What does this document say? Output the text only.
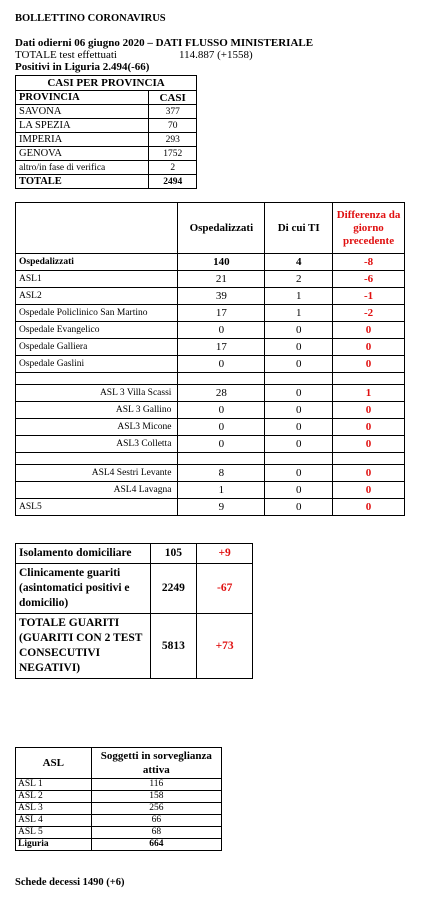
BOLLETTINO CORONAVIRUS
Dati odierni 06 giugno 2020 – DATI FLUSSO MINISTERIALE
TOTALE test effettuati	114.887 (+1558)
Positivi in Liguria 2.494(-66)
CASI PER PROVINCIA	
PROVINCIA	CASI
SAVONA	377
LA SPEZIA	70
IMPERIA	293
GENOVA	1752
altro/in fase di verifica	2
TOTALE	2494
	Ospedalizzati	Di cui TI	Differenza da giorno precedente
Ospedalizzati	140	4	-8
ASL1	21	2	-6
ASL2	39	1	-1
Ospedale Policlinico San Martino	17	1	-2
Ospedale Evangelico	0	0	0
Ospedale Galliera	17	0	0
Ospedale Gaslini	0	0	0

ASL 3 Villa Scassi	28	0	1
ASL 3 Gallino	0	0	0
ASL3 Micone	0	0	0
ASL3 Colletta	0	0	0

ASL4 Sestri Levante	8	0	0
ASL4 Lavagna	1	0	0
ASL5	9	0	0
Isolamento domiciliare	105	+9
Clinicamente guariti (asintomatici positivi e domicilio)	2249	-67
TOTALE GUARITI (GUARITI CON 2 TEST CONSECUTIVI NEGATIVI)	5813	+73
ASL	Soggetti in sorveglianza attiva
ASL 1	116
ASL 2	158
ASL 3	256
ASL 4	66
ASL 5	68
Liguria	664
Schede decessi 1490 (+6)
